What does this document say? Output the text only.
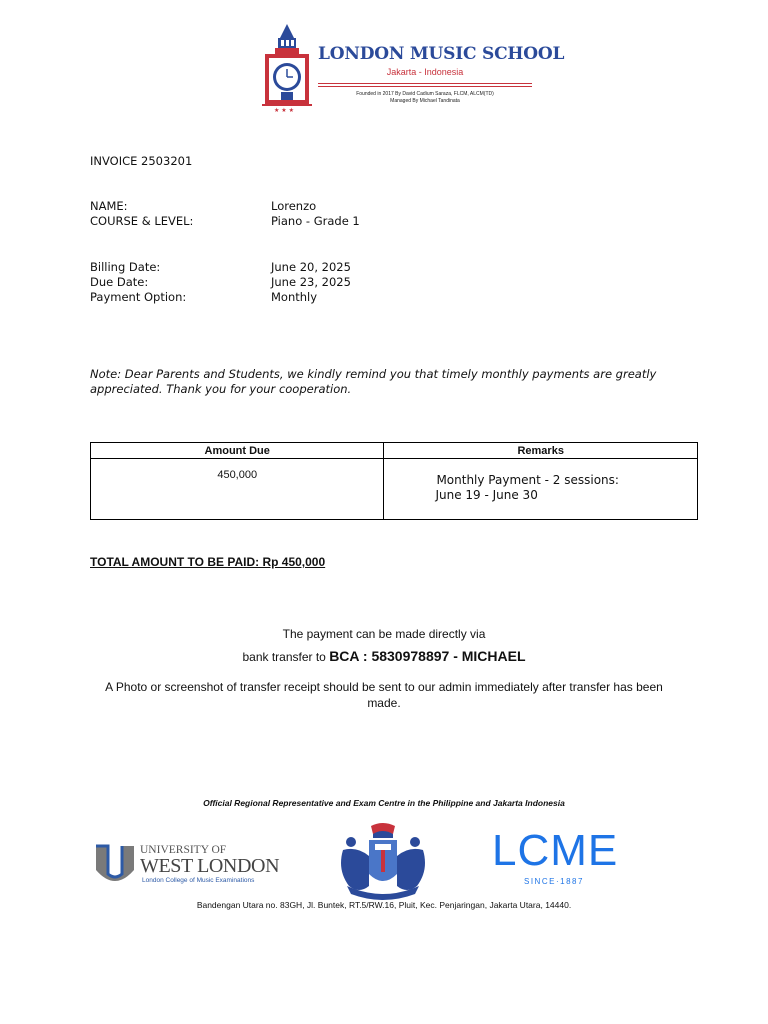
★ ★ ★
LONDON MUSIC SCHOOL
Jakarta - Indonesia
Founded in 2017 By David Cadium Saraza, FLCM, ALCM(TD)
Managed By Michael Tandinata
INVOICE 2503201
NAME:	Lorenzo
COURSE & LEVEL:	Piano - Grade 1
Billing Date:	June 20, 2025
Due Date:	June 23, 2025
Payment Option:	Monthly
Note: Dear Parents and Students, we kindly remind you that timely monthly payments are greatly appreciated. Thank you for your cooperation.
Amount Due	Remarks
450,000	Monthly Payment - 2 sessions:
June 19 - June 30
TOTAL AMOUNT TO BE PAID: Rp 450,000
The payment can be made directly via
bank transfer to BCA : 5830978897 - MICHAEL
A Photo or screenshot of transfer receipt should be sent to our admin immediately after transfer has been made.
Official Regional Representative and Exam Centre in the Philippine and Jakarta Indonesia
UNIVERSITY OF
WEST LONDON
London College of Music Examinations
LCME
SINCE·1887
Bandengan Utara no. 83GH, Jl. Buntek, RT.5/RW.16, Pluit, Kec. Penjaringan, Jakarta Utara, 14440.
